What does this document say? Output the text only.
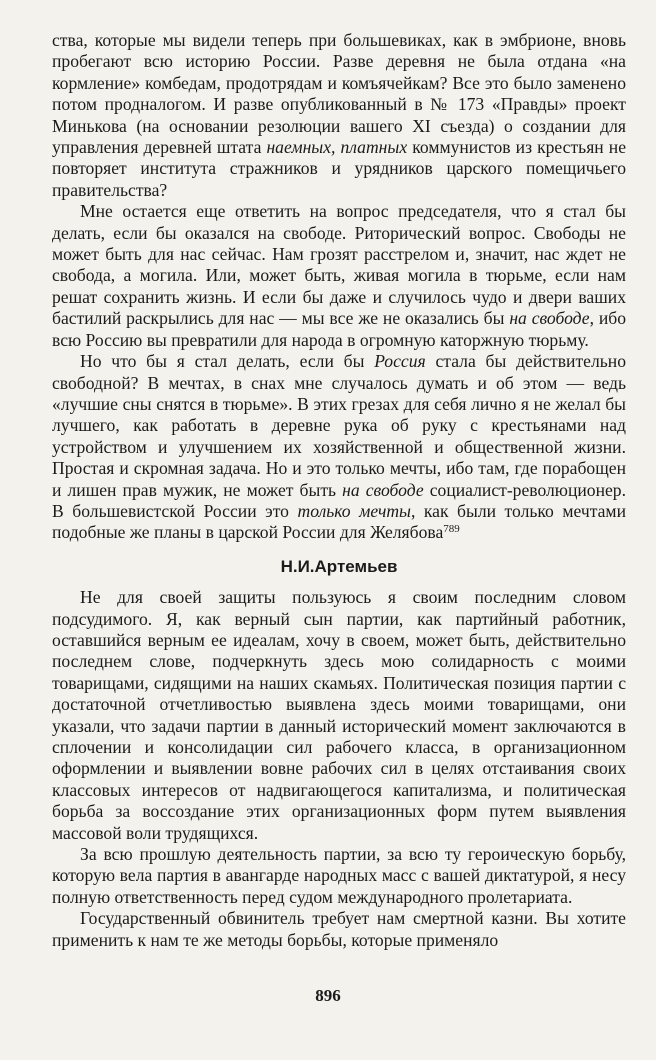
ства, которые мы видели теперь при большевиках, как в эмбрионе, вновь пробегают всю историю России. Разве деревня не была отдана «на кормление» комбедам, продотрядам и комъячейкам? Все это было заменено потом продналогом. И разве опубликованный в № 173 «Правды» проект Минькова (на основании резолюции вашего XI съезда) о создании для управления деревней штата наемных, платных коммунистов из крестьян не повторяет института стражников и урядников царского помещичьего правительства?

Мне остается еще ответить на вопрос председателя, что я стал бы делать, если бы оказался на свободе. Риторический вопрос. Свободы не может быть для нас сейчас. Нам грозят расстрелом и, значит, нас ждет не свобода, а могила. Или, может быть, живая могила в тюрьме, если нам решат сохранить жизнь. И если бы даже и случилось чудо и двери ваших бастилий раскрылись для нас — мы все же не оказались бы на свободе, ибо всю Россию вы превратили для народа в огромную каторжную тюрьму.

Но что бы я стал делать, если бы Россия стала бы действительно свободной? В мечтах, в снах мне случалось думать и об этом — ведь «лучшие сны снятся в тюрьме». В этих грезах для себя лично я не желал бы лучшего, как работать в деревне рука об руку с крестьянами над устройством и улучшением их хозяйственной и общественной жизни. Простая и скромная задача. Но и это только мечты, ибо там, где порабощен и лишен прав мужик, не может быть на свободе социалист-революционер. В большевистской России это только мечты, как были только мечтами подобные же планы в царской России для Желябова$^{789}$

Н.И.Артемьев

Не для своей защиты пользуюсь я своим последним словом подсудимого. Я, как верный сын партии, как партийный работник, оставшийся верным ее идеалам, хочу в своем, может быть, действительно последнем слове, подчеркнуть здесь мою солидарность с моими товарищами, сидящими на наших скамьях. Политическая позиция партии с достаточной отчетливостью выявлена здесь моими товарищами, они указали, что задачи партии в данный исторический момент заключаются в сплочении и консолидации сил рабочего класса, в организационном оформлении и выявлении вовне рабочих сил в целях отстаивания своих классовых интересов от надвигающегося капитализма, и политическая борьба за воссоздание этих организационных форм путем выявления массовой воли трудящихся.

За всю прошлую деятельность партии, за всю ту героическую борьбу, которую вела партия в авангарде народных масс с вашей диктатурой, я несу полную ответственность перед судом международного пролетариата.

Государственный обвинитель требует нам смертной казни. Вы хотите применить к нам те же методы борьбы, которые применяло

896
